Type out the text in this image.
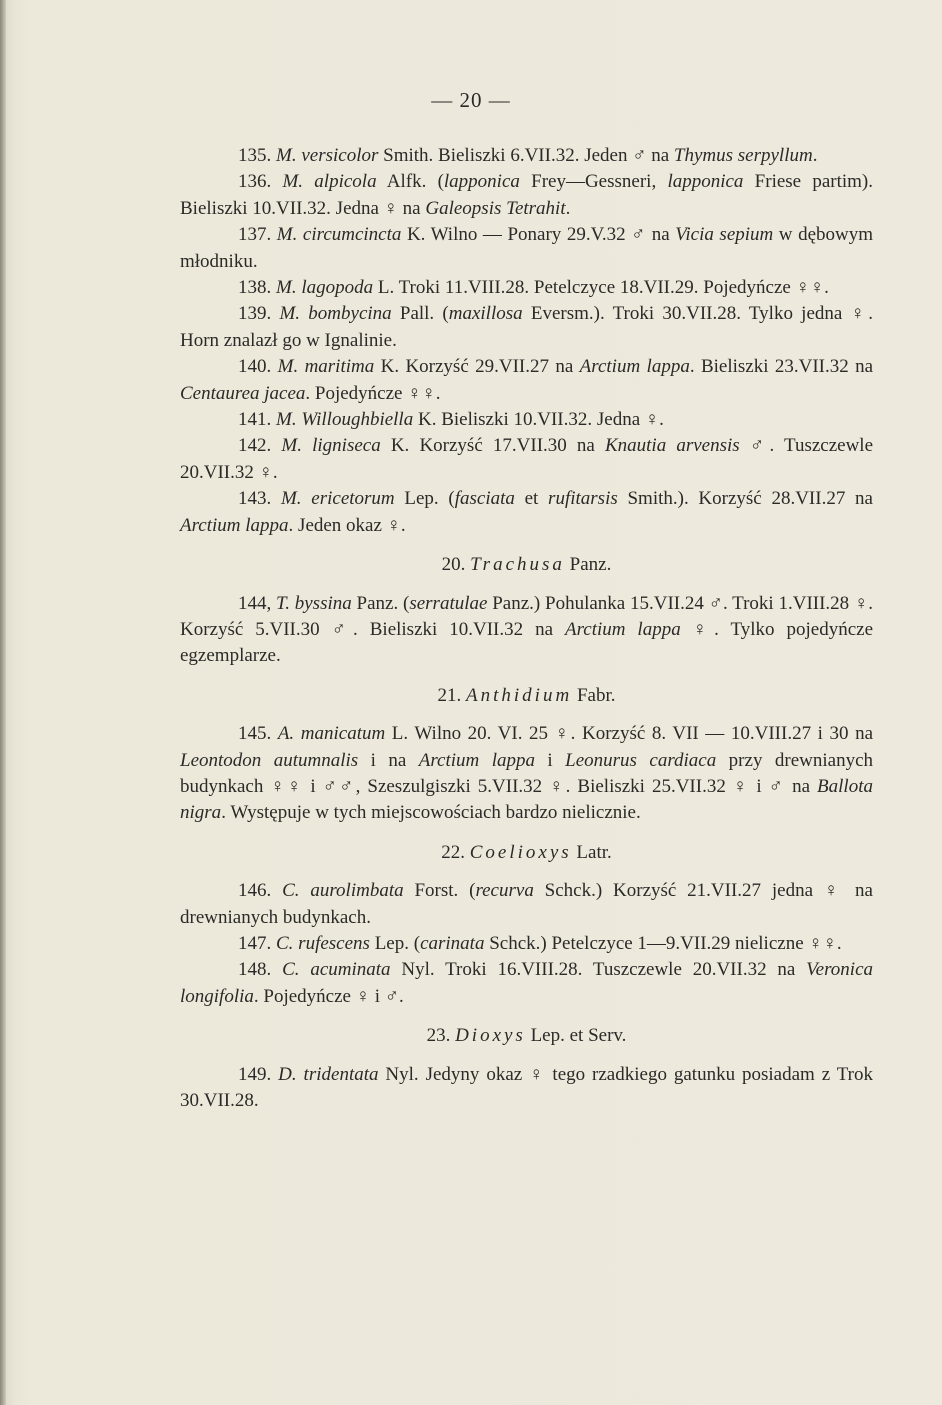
— 20 —

135. M. versicolor Smith. Bieliszki 6.VII.32. Jeden ♂ na Thymus serpyllum.

136. M. alpicola Alfk. (lapponica Frey—Gessneri, lapponica Friese partim). Bieliszki 10.VII.32. Jedna ♀ na Galeopsis Tetrahit.

137. M. circumcincta K. Wilno — Ponary 29.V.32 ♂ na Vicia sepium w dębowym młodniku.

138. M. lagopoda L. Troki 11.VIII.28. Petelczyce 18.VII.29. Pojedyńcze ♀♀.

139. M. bombycina Pall. (maxillosa Eversm.). Troki 30.VII.28. Tylko jedna ♀. Horn znalazł go w Ignalinie.

140. M. maritima K. Korzyść 29.VII.27 na Arctium lappa. Bieliszki 23.VII.32 na Centaurea jacea. Pojedyńcze ♀♀.

141. M. Willoughbiella K. Bieliszki 10.VII.32. Jedna ♀.

142. M. ligniseca K. Korzyść 17.VII.30 na Knautia arvensis ♂. Tuszczewle 20.VII.32 ♀.

143. M. ericetorum Lep. (fasciata et rufitarsis Smith.). Korzyść 28.VII.27 na Arctium lappa. Jeden okaz ♀.

20. Trachusa Panz.

144, T. byssina Panz. (serratulae Panz.) Pohulanka 15.VII.24 ♂. Troki 1.VIII.28 ♀. Korzyść 5.VII.30 ♂. Bieliszki 10.VII.32 na Arctium lappa ♀. Tylko pojedyńcze egzemplarze.

21. Anthidium Fabr.

145. A. manicatum L. Wilno 20. VI. 25 ♀. Korzyść 8. VII — 10.VIII.27 i 30 na Leontodon autumnalis i na Arctium lappa i Leonurus cardiaca przy drewnianych budynkach ♀♀ i ♂♂, Szeszulgiszki 5.VII.32 ♀. Bieliszki 25.VII.32 ♀ i ♂ na Ballota nigra. Występuje w tych miejscowościach bardzo nielicznie.

22. Coelioxys Latr.

146. C. aurolimbata Forst. (recurva Schck.) Korzyść 21.VII.27 jedna ♀ na drewnianych budynkach.

147. C. rufescens Lep. (carinata Schck.) Petelczyce 1—9.VII.29 nieliczne ♀♀.

148. C. acuminata Nyl. Troki 16.VIII.28. Tuszczewle 20.VII.32 na Veronica longifolia. Pojedyńcze ♀ i ♂.

23. Dioxys Lep. et Serv.

149. D. tridentata Nyl. Jedyny okaz ♀ tego rzadkiego gatunku posiadam z Trok 30.VII.28.
